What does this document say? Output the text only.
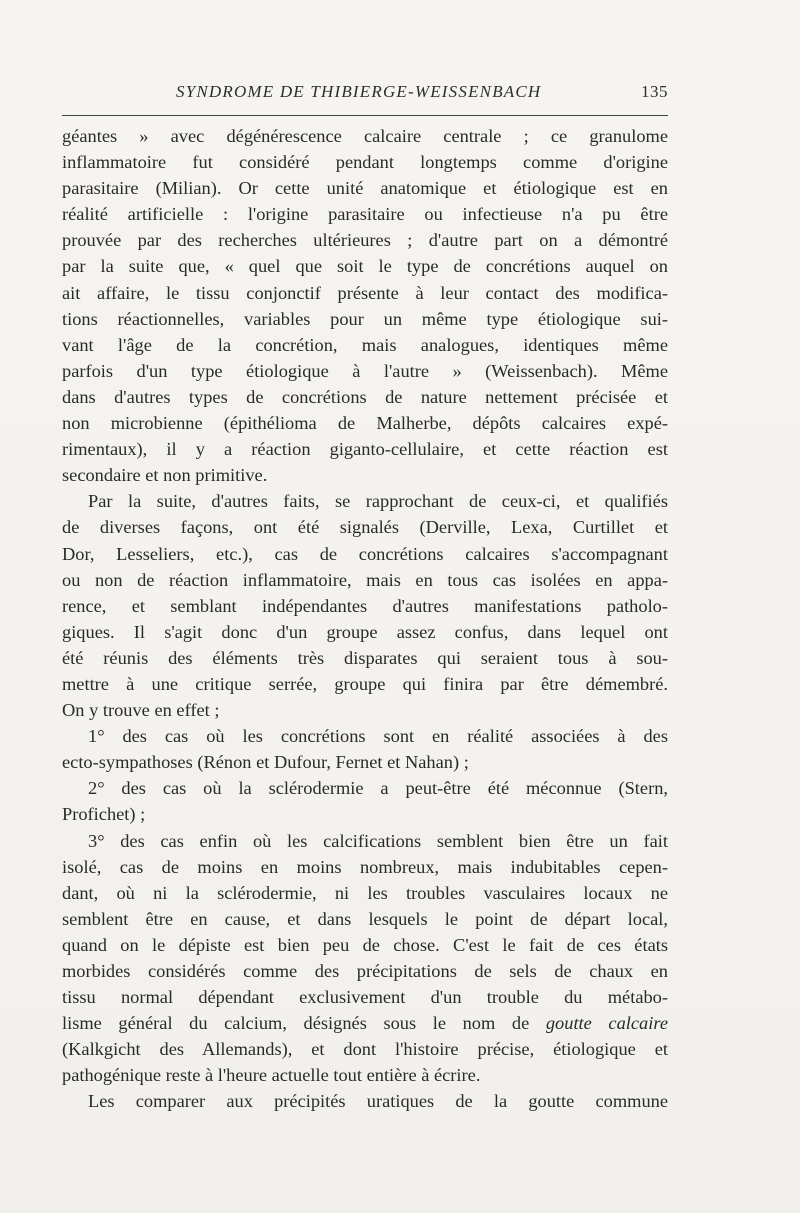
SYNDROME DE THIBIERGE-WEISSENBACH	135
géantes » avec dégénérescence calcaire centrale ; ce granulome
inflammatoire fut considéré pendant longtemps comme d'origine
parasitaire (Milian). Or cette unité anatomique et étiologique est en
réalité artificielle : l'origine parasitaire ou infectieuse n'a pu être
prouvée par des recherches ultérieures ; d'autre part on a démontré
par la suite que, « quel que soit le type de concrétions auquel on
ait affaire, le tissu conjonctif présente à leur contact des modifica-
tions réactionnelles, variables pour un même type étiologique sui-
vant l'âge de la concrétion, mais analogues, identiques même
parfois d'un type étiologique à l'autre » (Weissenbach). Même
dans d'autres types de concrétions de nature nettement précisée et
non microbienne (épithélioma de Malherbe, dépôts calcaires expé-
rimentaux), il y a réaction giganto-cellulaire, et cette réaction est
secondaire et non primitive.
Par la suite, d'autres faits, se rapprochant de ceux-ci, et qualifiés
de diverses façons, ont été signalés (Derville, Lexa, Curtillet et
Dor, Lesseliers, etc.), cas de concrétions calcaires s'accompagnant
ou non de réaction inflammatoire, mais en tous cas isolées en appa-
rence, et semblant indépendantes d'autres manifestations patholo-
giques. Il s'agit donc d'un groupe assez confus, dans lequel ont
été réunis des éléments très disparates qui seraient tous à sou-
mettre à une critique serrée, groupe qui finira par être démembré.
On y trouve en effet ;
1° des cas où les concrétions sont en réalité associées à des
ecto-sympathoses (Rénon et Dufour, Fernet et Nahan) ;
2° des cas où la sclérodermie a peut-être été méconnue (Stern,
Profichet) ;
3° des cas enfin où les calcifications semblent bien être un fait
isolé, cas de moins en moins nombreux, mais indubitables cepen-
dant, où ni la sclérodermie, ni les troubles vasculaires locaux ne
semblent être en cause, et dans lesquels le point de départ local,
quand on le dépiste est bien peu de chose. C'est le fait de ces états
morbides considérés comme des précipitations de sels de chaux en
tissu normal dépendant exclusivement d'un trouble du métabo-
lisme général du calcium, désignés sous le nom de goutte calcaire
(Kalkgicht des Allemands), et dont l'histoire précise, étiologique et
pathogénique reste à l'heure actuelle tout entière à écrire.
Les comparer aux précipités uratiques de la goutte commune
